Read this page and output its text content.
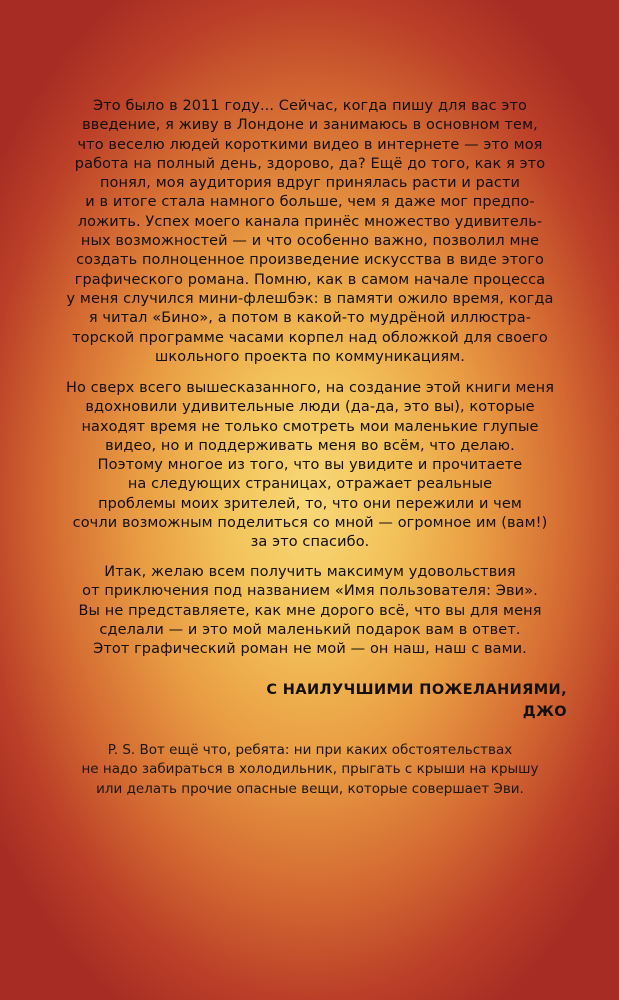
Это было в 2011 году... Сейчас, когда пишу для вас это
введение, я живу в Лондоне и занимаюсь в основном тем,
что веселю людей короткими видео в интернете — это моя
работа на полный день, здорово, да? Ещё до того, как я это
понял, моя аудитория вдруг принялась расти и расти
и в итоге стала намного больше, чем я даже мог предпо-
ложить. Успех моего канала принёс множество удивитель-
ных возможностей — и что особенно важно, позволил мне
создать полноценное произведение искусства в виде этого
графического романа. Помню, как в самом начале процесса
у меня случился мини-флешбэк: в памяти ожило время, когда
я читал «Бино», а потом в какой-то мудрёной иллюстра-
торской программе часами корпел над обложкой для своего
школьного проекта по коммуникациям.

Но сверх всего вышесказанного, на создание этой книги меня
вдохновили удивительные люди (да-да, это вы), которые
находят время не только смотреть мои маленькие глупые
видео, но и поддерживать меня во всём, что делаю.
Поэтому многое из того, что вы увидите и прочитаете
на следующих страницах, отражает реальные
проблемы моих зрителей, то, что они пережили и чем
сочли возможным поделиться со мной — огромное им (вам!)
за это спасибо.

Итак, желаю всем получить максимум удовольствия
от приключения под названием «Имя пользователя: Эви».
Вы не представляете, как мне дорого всё, что вы для меня
сделали — и это мой маленький подарок вам в ответ.
Этот графический роман не мой — он наш, наш с вами.

С НАИЛУЧШИМИ ПОЖЕЛАНИЯМИ,
ДЖО

P. S. Вот ещё что, ребята: ни при каких обстоятельствах
не надо забираться в холодильник, прыгать с крыши на крышу
или делать прочие опасные вещи, которые совершает Эви.
